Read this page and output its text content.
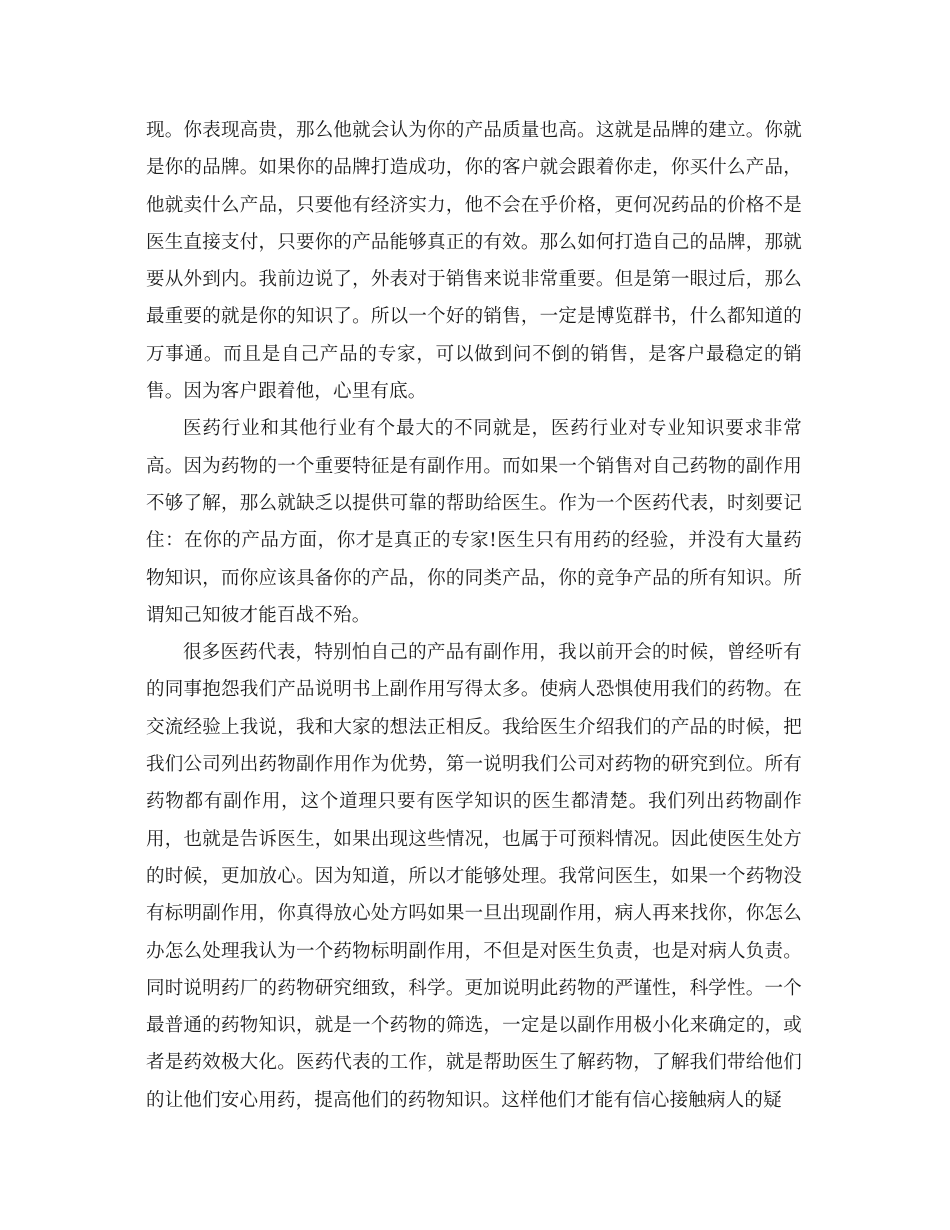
现。你表现高贵，那么他就会认为你的产品质量也高。这就是品牌的建立。你就是你的品牌。如果你的品牌打造成功，你的客户就会跟着你走，你买什么产品，他就卖什么产品，只要他有经济实力，他不会在乎价格，更何况药品的价格不是医生直接支付，只要你的产品能够真正的有效。那么如何打造自己的品牌，那就要从外到内。我前边说了，外表对于销售来说非常重要。但是第一眼过后，那么最重要的就是你的知识了。所以一个好的销售，一定是博览群书，什么都知道的万事通。而且是自己产品的专家，可以做到问不倒的销售，是客户最稳定的销售。因为客户跟着他，心里有底。

医药行业和其他行业有个最大的不同就是，医药行业对专业知识要求非常高。因为药物的一个重要特征是有副作用。而如果一个销售对自己药物的副作用不够了解，那么就缺乏以提供可靠的帮助给医生。作为一个医药代表，时刻要记住：在你的产品方面，你才是真正的专家!医生只有用药的经验，并没有大量药物知识，而你应该具备你的产品，你的同类产品，你的竞争产品的所有知识。所谓知己知彼才能百战不殆。

很多医药代表，特别怕自己的产品有副作用，我以前开会的时候，曾经听有的同事抱怨我们产品说明书上副作用写得太多。使病人恐惧使用我们的药物。在交流经验上我说，我和大家的想法正相反。我给医生介绍我们的产品的时候，把我们公司列出药物副作用作为优势，第一说明我们公司对药物的研究到位。所有药物都有副作用，这个道理只要有医学知识的医生都清楚。我们列出药物副作用，也就是告诉医生，如果出现这些情况，也属于可预料情况。因此使医生处方的时候，更加放心。因为知道，所以才能够处理。我常问医生，如果一个药物没有标明副作用，你真得放心处方吗如果一旦出现副作用，病人再来找你，你怎么办怎么处理我认为一个药物标明副作用，不但是对医生负责，也是对病人负责。同时说明药厂的药物研究细致，科学。更加说明此药物的严谨性，科学性。一个最普通的药物知识，就是一个药物的筛选，一定是以副作用极小化来确定的，或者是药效极大化。医药代表的工作，就是帮助医生了解药物，了解我们带给他们的让他们安心用药，提高他们的药物知识。这样他们才能有信心接触病人的疑
